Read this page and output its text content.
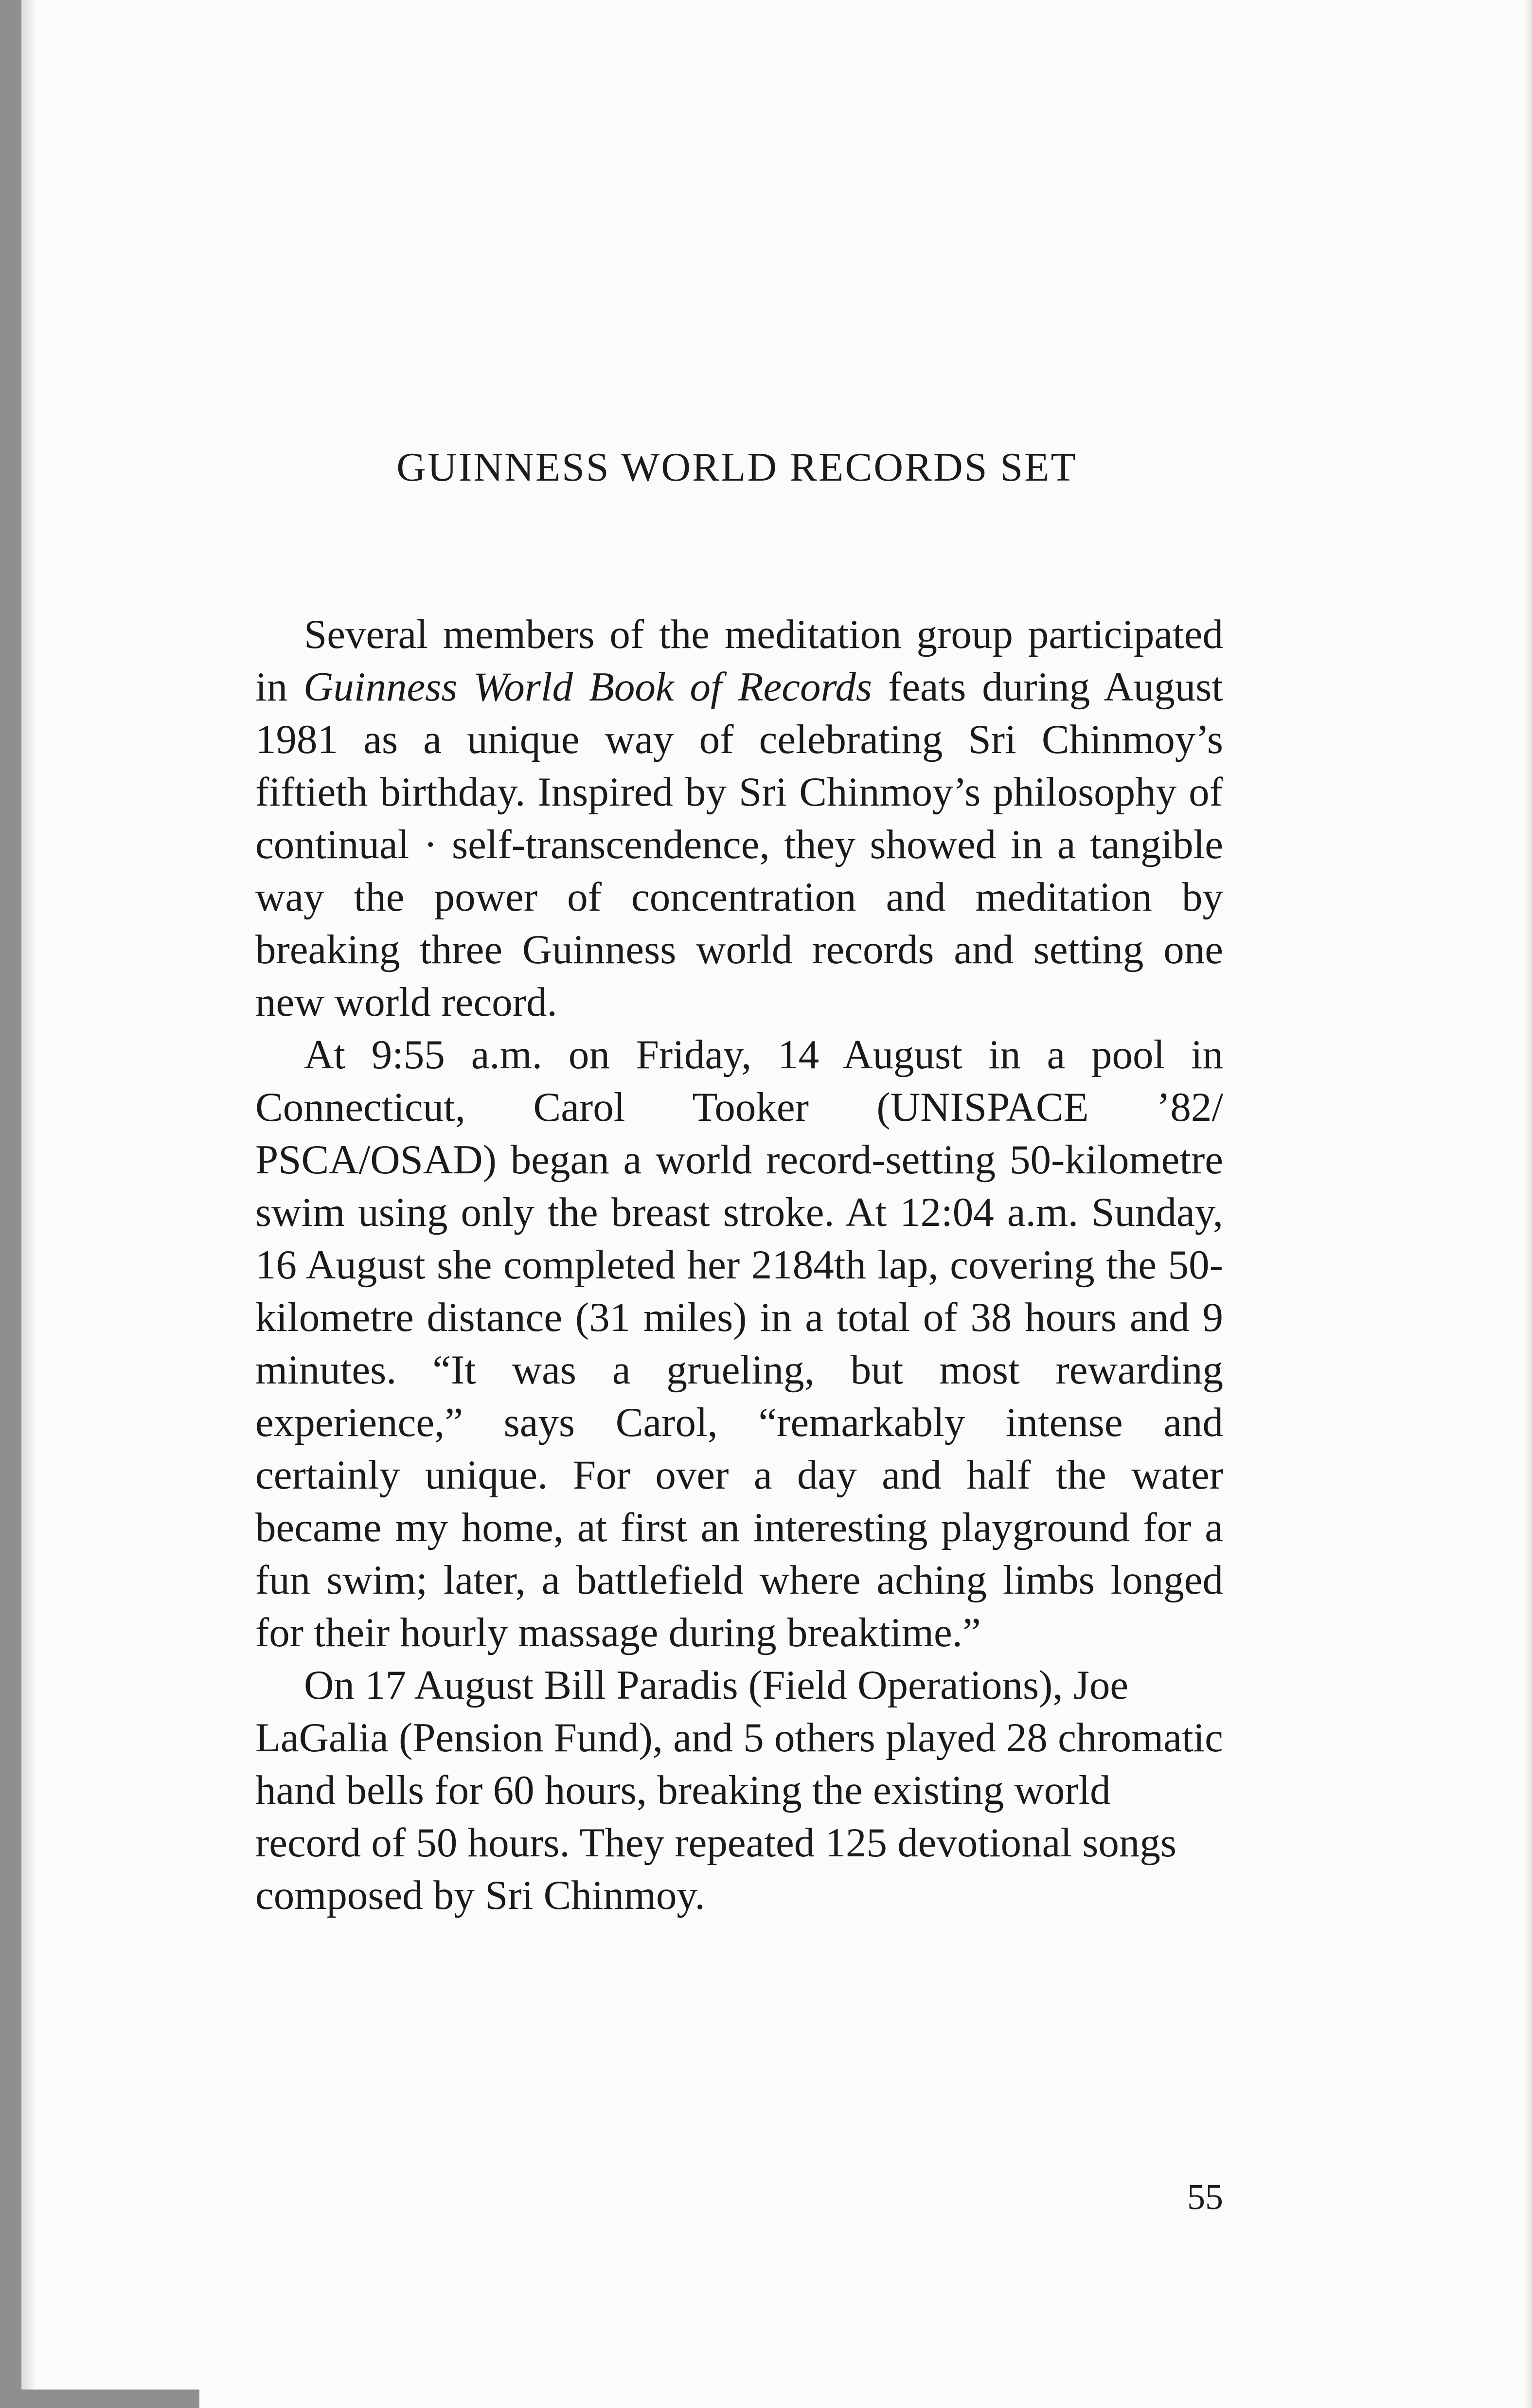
GUINNESS WORLD RECORDS SET

Several members of the meditation group participated in Guinness World Book of Records feats during August 1981 as a unique way of celebrating Sri Chinmoy’s fiftieth birthday. Inspired by Sri Chinmoy’s philosophy of continual · self-transcendence, they showed in a tangible way the power of concentration and meditation by breaking three Guinness world records and setting one new world record.

At 9:55 a.m. on Friday, 14 August in a pool in Connecticut, Carol Tooker (UNISPACE ’82/ PSCA/OSAD) began a world record-setting 50-kilometre swim using only the breast stroke. At 12:04 a.m. Sunday, 16 August she completed her 2184th lap, covering the 50-kilometre distance (31 miles) in a total of 38 hours and 9 minutes. “It was a grueling, but most rewarding experience,” says Carol, “remarkably intense and certainly unique. For over a day and half the water became my home, at first an interesting playground for a fun swim; later, a battlefield where aching limbs longed for their hourly massage during breaktime.”

On 17 August Bill Paradis (Field Operations), Joe LaGalia (Pension Fund), and 5 others played 28 chromatic hand bells for 60 hours, breaking the existing world record of 50 hours. They repeated 125 devotional songs composed by Sri Chinmoy.

55
